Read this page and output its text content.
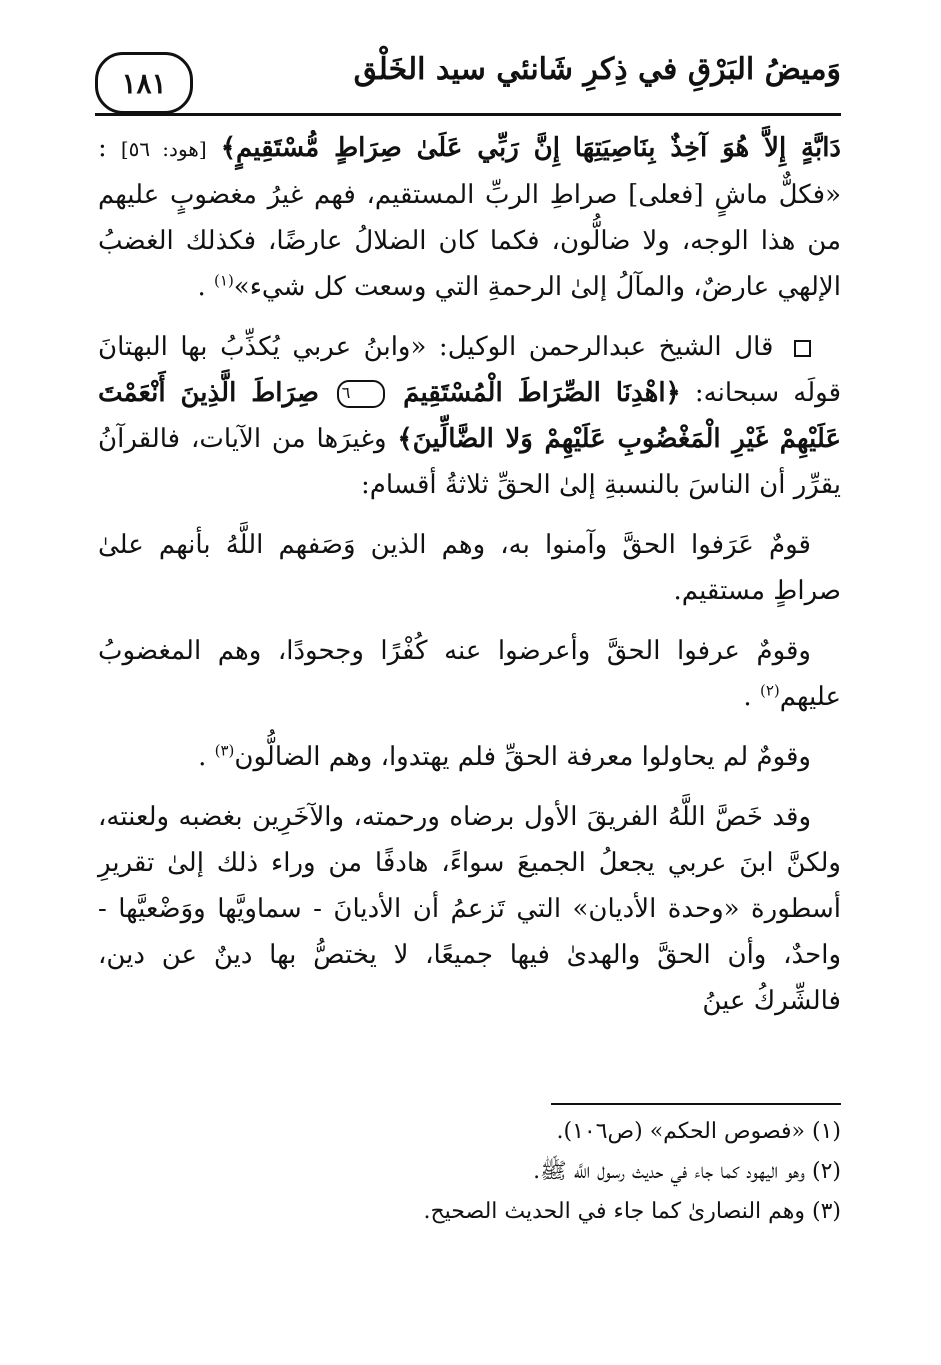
وَميضُ البَرْقِ في ذِكرِ شَانئي سيد الخَلْق
١٨١

دَابَّةٍ إِلاَّ هُوَ آخِذٌ بِنَاصِيَتِهَا إِنَّ رَبِّي عَلَىٰ صِرَاطٍ مُّسْتَقِيمٍ﴾ [هود: ٥٦] : «فكلٌّ ماشٍ [فعلى] صراطِ الربِّ المستقيم، فهم غيرُ مغضوبٍ عليهم من هذا الوجه، ولا ضالُّون، فكما كان الضلالُ عارضًا، فكذلك الغضبُ الإلهي عارضٌ، والمآلُ إلىٰ الرحمةِ التي وسعت كل شيء»$^{(١)}$ .

قال الشيخ عبدالرحمن الوكيل: «وابنُ عربي يُكذِّبُ بها البهتانَ قولَه سبحانه: ﴿اهْدِنَا الصِّرَاطَ الْمُسْتَقِيمَ ٦ صِرَاطَ الَّذِينَ أَنْعَمْتَ عَلَيْهِمْ غَيْرِ الْمَغْضُوبِ عَلَيْهِمْ وَلا الضَّالِّينَ﴾ وغيرَها من الآيات، فالقرآنُ يقرِّر أن الناسَ بالنسبةِ إلىٰ الحقِّ ثلاثةُ أقسام:

قومٌ عَرَفوا الحقَّ وآمنوا به، وهم الذين وَصَفهم اللَّهُ بأنهم علىٰ صراطٍ مستقيم.

وقومٌ عرفوا الحقَّ وأعرضوا عنه كُفْرًا وجحودًا، وهم المغضوبُ عليهم$^{(٢)}$ .

وقومٌ لم يحاولوا معرفة الحقِّ فلم يهتدوا، وهم الضالُّون$^{(٣)}$ .

وقد خَصَّ اللَّهُ الفريقَ الأول برضاه ورحمته، والآخَرِين بغضبه ولعنته، ولكنَّ ابنَ عربي يجعلُ الجميعَ سواءً، هادفًا من وراء ذلك إلىٰ تقريرِ أسطورة «وحدة الأديان» التي تَزعمُ أن الأديانَ - سماويَّها ووَضْعيَّها - واحدٌ، وأن الحقَّ والهدىٰ فيها جميعًا، لا يختصُّ بها دينٌ عن دين، فالشِّركُ عينُ

(١) «فصوص الحكم» (ص١٠٦).

(٢) وهو اليهود كما جاء في حديث رسول اللَّه ﷺ.

(٣) وهم النصارىٰ كما جاء في الحديث الصحيح.
